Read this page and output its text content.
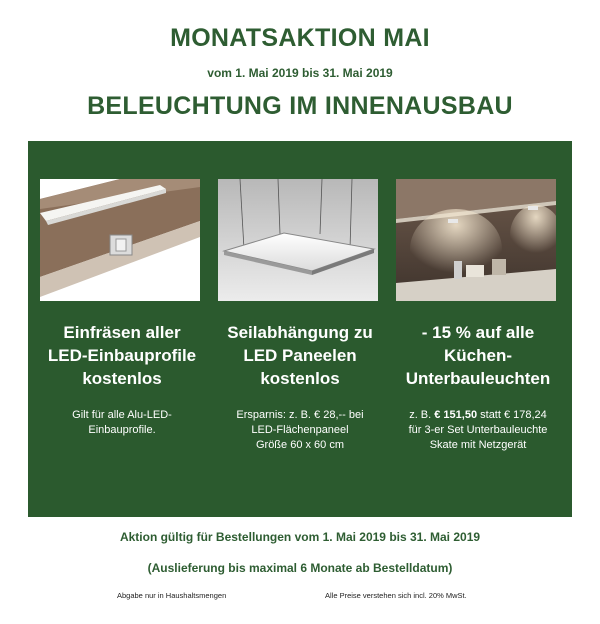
MONATSAKTION MAI
vom 1. Mai 2019 bis 31. Mai 2019
BELEUCHTUNG IM INNENAUSBAU
Einfräsen aller
LED-Einbauprofile
kostenlos
Gilt für alle Alu-LED-
Einbauprofile.
Seilabhängung zu
LED Paneelen
kostenlos
Ersparnis: z. B. € 28,-- bei
LED-Flächenpaneel
Größe 60 x 60 cm
- 15 % auf alle
Küchen-
Unterbauleuchten
z. B. € 151,50 statt € 178,24
für 3-er Set Unterbauleuchte
Skate mit Netzgerät
Aktion gültig für Bestellungen vom 1. Mai 2019 bis 31. Mai 2019
(Auslieferung bis maximal 6 Monate ab Bestelldatum)
Abgabe nur in Haushaltsmengen	Alle Preise verstehen sich incl. 20% MwSt.
